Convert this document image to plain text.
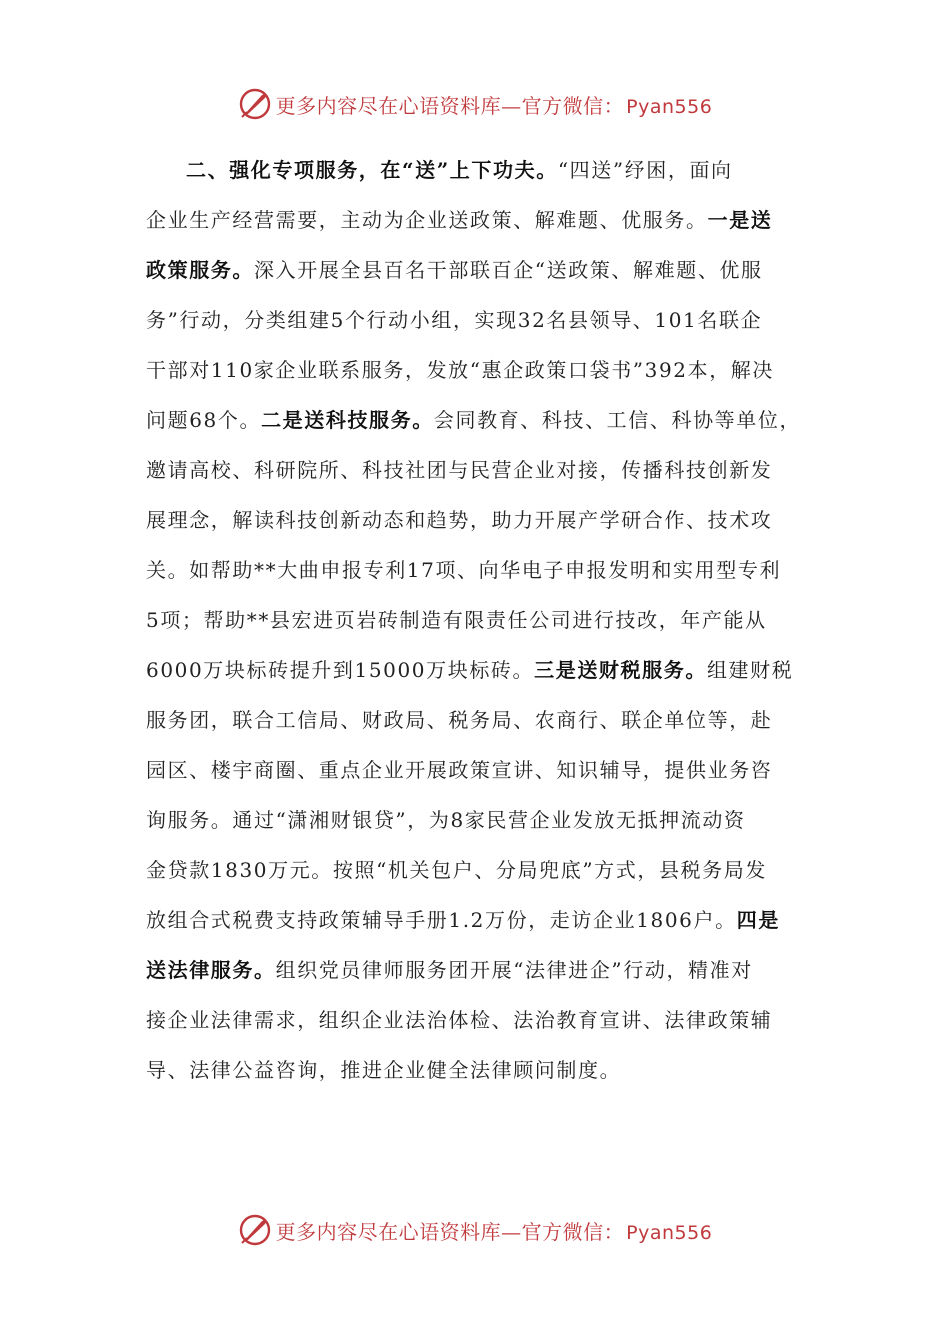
更多内容尽在心语资料库—官方微信： Pyan556
二、强化专项服务，在“送”上下功夫。“四送”纾困，面向
企业生产经营需要，主动为企业送政策、解难题、优服务。一是送
政策服务。深入开展全县百名干部联百企“送政策、解难题、优服
务”行动，分类组建5个行动小组，实现32名县领导、101名联企
干部对110家企业联系服务，发放“惠企政策口袋书”392本，解决
问题68个。二是送科技服务。会同教育、科技、工信、科协等单位，
邀请高校、科研院所、科技社团与民营企业对接，传播科技创新发
展理念，解读科技创新动态和趋势，助力开展产学研合作、技术攻
关。如帮助**大曲申报专利17项、向华电子申报发明和实用型专利
5项；帮助**县宏进页岩砖制造有限责任公司进行技改，年产能从
6000万块标砖提升到15000万块标砖。三是送财税服务。组建财税
服务团，联合工信局、财政局、税务局、农商行、联企单位等，赴
园区、楼宇商圈、重点企业开展政策宣讲、知识辅导，提供业务咨
询服务。通过“潇湘财银贷”，为8家民营企业发放无抵押流动资
金贷款1830万元。按照“机关包户、分局兜底”方式，县税务局发
放组合式税费支持政策辅导手册1.2万份，走访企业1806户。四是
送法律服务。组织党员律师服务团开展“法律进企”行动，精准对
接企业法律需求，组织企业法治体检、法治教育宣讲、法律政策辅
导、法律公益咨询，推进企业健全法律顾问制度。
更多内容尽在心语资料库—官方微信： Pyan556
